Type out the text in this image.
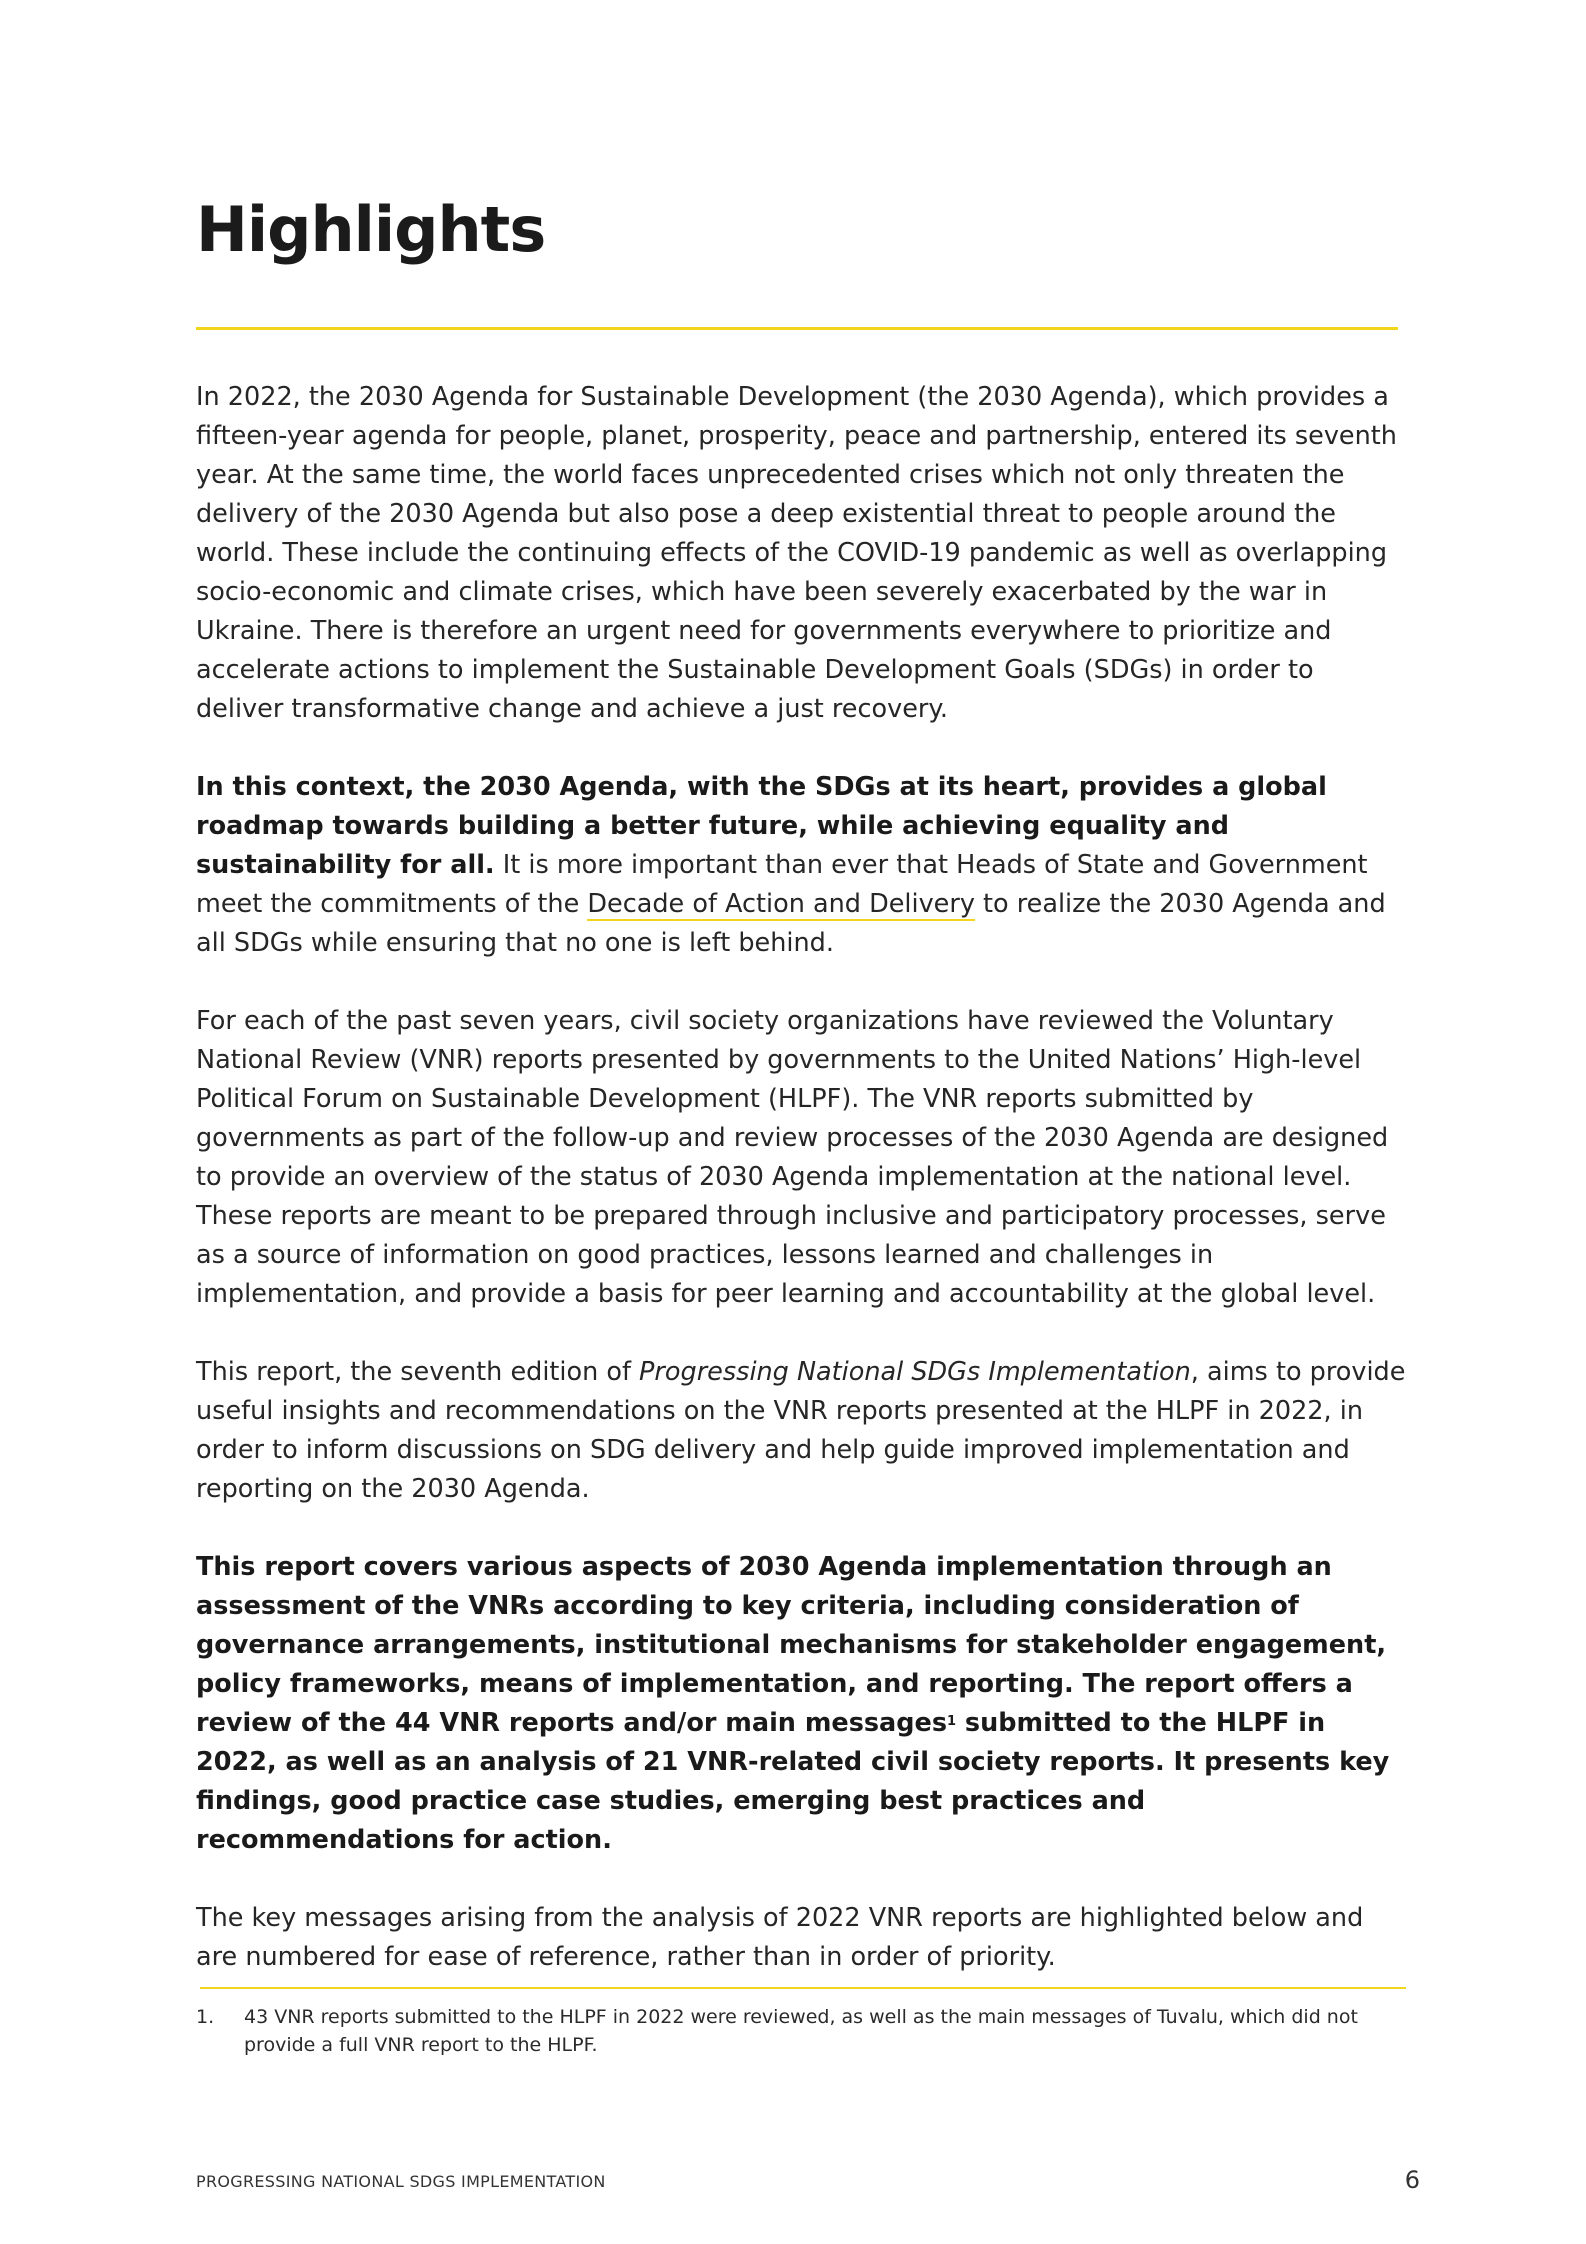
Highlights

In 2022, the 2030 Agenda for Sustainable Development (the 2030 Agenda), which provides a fifteen-year agenda for people, planet, prosperity, peace and partnership, entered its seventh year. At the same time, the world faces unprecedented crises which not only threaten the delivery of the 2030 Agenda but also pose a deep existential threat to people around the world. These include the continuing effects of the COVID-19 pandemic as well as overlapping socio-economic and climate crises, which have been severely exacerbated by the war in Ukraine. There is therefore an urgent need for governments everywhere to prioritize and accelerate actions to implement the Sustainable Development Goals (SDGs) in order to deliver transformative change and achieve a just recovery.

In this context, the 2030 Agenda, with the SDGs at its heart, provides a global roadmap towards building a better future, while achieving equality and sustainability for all. It is more important than ever that Heads of State and Government meet the commitments of the Decade of Action and Delivery to realize the 2030 Agenda and all SDGs while ensuring that no one is left behind.

For each of the past seven years, civil society organizations have reviewed the Voluntary National Review (VNR) reports presented by governments to the United Nations’ High-level Political Forum on Sustainable Development (HLPF). The VNR reports submitted by governments as part of the follow-up and review processes of the 2030 Agenda are designed to provide an overview of the status of 2030 Agenda implementation at the national level. These reports are meant to be prepared through inclusive and participatory processes, serve as a source of information on good practices, lessons learned and challenges in implementation, and provide a basis for peer learning and accountability at the global level.

This report, the seventh edition of Progressing National SDGs Implementation, aims to provide useful insights and recommendations on the VNR reports presented at the HLPF in 2022, in order to inform discussions on SDG delivery and help guide improved implementation and reporting on the 2030 Agenda.

This report covers various aspects of 2030 Agenda implementation through an assessment of the VNRs according to key criteria, including consideration of governance arrangements, institutional mechanisms for stakeholder engagement, policy frameworks, means of implementation, and reporting. The report offers a review of the 44 VNR reports and/or main messages$^1$ submitted to the HLPF in 2022, as well as an analysis of 21 VNR-related civil society reports. It presents key findings, good practice case studies, emerging best practices and recommendations for action.

The key messages arising from the analysis of 2022 VNR reports are highlighted below and are numbered for ease of reference, rather than in order of priority.

1.	43 VNR reports submitted to the HLPF in 2022 were reviewed, as well as the main messages of Tuvalu, which did not provide a full VNR report to the HLPF.
PROGRESSING NATIONAL SDGS IMPLEMENTATION	6
